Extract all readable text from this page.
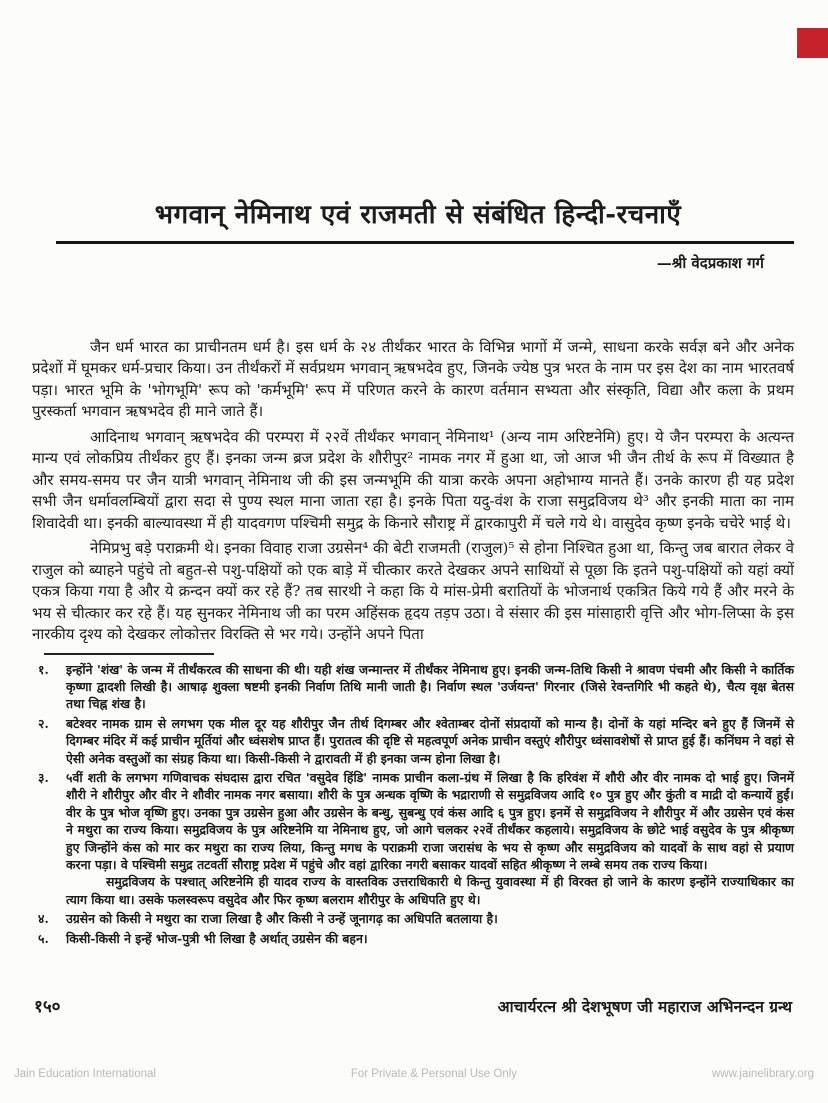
भगवान् नेमिनाथ एवं राजमती से संबंधित हिन्दी-रचनाएँ
—श्री वेदप्रकाश गर्ग

जैन धर्म भारत का प्राचीनतम धर्म है। इस धर्म के २४ तीर्थंकर भारत के विभिन्न भागों में जन्मे, साधना करके सर्वज्ञ बने और अनेक प्रदेशों में घूमकर धर्म-प्रचार किया। उन तीर्थंकरों में सर्वप्रथम भगवान् ऋषभदेव हुए, जिनके ज्येष्ठ पुत्र भरत के नाम पर इस देश का नाम भारतवर्ष पड़ा। भारत भूमि के 'भोगभूमि' रूप को 'कर्मभूमि' रूप में परिणत करने के कारण वर्तमान सभ्यता और संस्कृति, विद्या और कला के प्रथम पुरस्कर्ता भगवान ऋषभदेव ही माने जाते हैं।

आदिनाथ भगवान् ऋषभदेव की परम्परा में २२वें तीर्थंकर भगवान् नेमिनाथ¹ (अन्य नाम अरिष्टनेमि) हुए। ये जैन परम्परा के अत्यन्त मान्य एवं लोकप्रिय तीर्थंकर हुए हैं। इनका जन्म ब्रज प्रदेश के शौरीपुर² नामक नगर में हुआ था, जो आज भी जैन तीर्थ के रूप में विख्यात है और समय-समय पर जैन यात्री भगवान् नेमिनाथ जी की इस जन्मभूमि की यात्रा करके अपना अहोभाग्य मानते हैं। उनके कारण ही यह प्रदेश सभी जैन धर्मावलम्बियों द्वारा सदा से पुण्य स्थल माना जाता रहा है। इनके पिता यदु-वंश के राजा समुद्रविजय थे³ और इनकी माता का नाम शिवादेवी था। इनकी बाल्यावस्था में ही यादवगण पश्चिमी समुद्र के किनारे सौराष्ट्र में द्वारकापुरी में चले गये थे। वासुदेव कृष्ण इनके चचेरे भाई थे।

नेमिप्रभु बड़े पराक्रमी थे। इनका विवाह राजा उग्रसेन⁴ की बेटी राजमती (राजुल)⁵ से होना निश्चित हुआ था, किन्तु जब बारात लेकर वे राजुल को ब्याहने पहुंचे तो बहुत-से पशु-पक्षियों को एक बाड़े में चीत्कार करते देखकर अपने साथियों से पूछा कि इतने पशु-पक्षियों को यहां क्यों एकत्र किया गया है और ये क्रन्दन क्यों कर रहे हैं? तब सारथी ने कहा कि ये मांस-प्रेमी बरातियों के भोजनार्थ एकत्रित किये गये हैं और मरने के भय से चीत्कार कर रहे हैं। यह सुनकर नेमिनाथ जी का परम अहिंसक हृदय तड़प उठा। वे संसार की इस मांसाहारी वृत्ति और भोग-लिप्सा के इस नारकीय दृश्य को देखकर लोकोत्तर विरक्ति से भर गये। उन्होंने अपने पिता

१.	इन्होंने 'शंख' के जन्म में तीर्थंकरत्व की साधना की थी। यही शंख जन्मान्तर में तीर्थंकर नेमिनाथ हुए। इनकी जन्म-तिथि किसी ने श्रावण पंचमी और किसी ने कार्तिक कृष्णा द्वादशी लिखी है। आषाढ़ शुक्ला षष्टमी इनकी निर्वाण तिथि मानी जाती है। निर्वाण स्थल 'उर्जयन्त' गिरनार (जिसे रेवन्तगिरि भी कहते थे), चैत्य वृक्ष बेतस तथा चिह्न शंख है।
२.	बटेश्वर नामक ग्राम से लगभग एक मील दूर यह शौरीपुर जैन तीर्थ दिगम्बर और श्वेताम्बर दोनों संप्रदायों को मान्य है। दोनों के यहां मन्दिर बने हुए हैं जिनमें से दिगम्बर मंदिर में कई प्राचीन मूर्तियां और ध्वंसशेष प्राप्त हैं। पुरातत्व की दृष्टि से महत्वपूर्ण अनेक प्राचीन वस्तुएं शौरीपुर ध्वंसावशेषों से प्राप्त हुई हैं। कनिंघम ने वहां से ऐसी अनेक वस्तुओं का संग्रह किया था। किसी-किसी ने द्वारावती में ही इनका जन्म होना लिखा है।
३.	५वीं शती के लगभग गणिवाचक संघदास द्वारा रचित 'वसुदेव हिंडि' नामक प्राचीन कला-ग्रंथ में लिखा है कि हरिवंश में शौरी और वीर नामक दो भाई हुए। जिनमें शौरी ने शौरीपुर और वीर ने शौवीर नामक नगर बसाया। शौरी के पुत्र अन्धक वृष्णि के भद्राराणी से समुद्रविजय आदि १० पुत्र हुए और कुंती व माद्री दो कन्यायें हुईं। वीर के पुत्र भोज वृष्णि हुए। उनका पुत्र उग्रसेन हुआ और उग्रसेन के बन्धु, सुबन्धु एवं कंस आदि ६ पुत्र हुए। इनमें से समुद्रविजय ने शौरीपुर में और उग्रसेन एवं कंस ने मथुरा का राज्य किया। समुद्रविजय के पुत्र अरिष्टनेमि या नेमिनाथ हुए, जो आगे चलकर २२वें तीर्थंकर कहलाये। समुद्रविजय के छोटे भाई वसुदेव के पुत्र श्रीकृष्ण हुए जिन्होंने कंस को मार कर मथुरा का राज्य लिया, किन्तु मगध के पराक्रमी राजा जरासंध के भय से कृष्ण और समुद्रविजय को यादवों के साथ वहां से प्रयाण करना पड़ा। वे पश्चिमी समुद्र तटवर्ती सौराष्ट्र प्रदेश में पहुंचे और वहां द्वारिका नगरी बसाकर यादवों सहित श्रीकृष्ण ने लम्बे समय तक राज्य किया।
समुद्रविजय के पश्चात् अरिष्टनेमि ही यादव राज्य के वास्तविक उत्तराधिकारी थे किन्तु युवावस्था में ही विरक्त हो जाने के कारण इन्होंने राज्याधिकार का त्याग किया था। उसके फलस्वरूप वसुदेव और फिर कृष्ण बलराम शौरीपुर के अधिपति हुए थे।
४.	उग्रसेन को किसी ने मथुरा का राजा लिखा है और किसी ने उन्हें जूनागढ़ का अधिपति बतलाया है।
५.	किसी-किसी ने इन्हें भोज-पुत्री भी लिखा है अर्थात् उग्रसेन की बहन।
१५०	आचार्यरत्न श्री देशभूषण जी महाराज अभिनन्दन ग्रन्थ
Jain Education International	For Private & Personal Use Only	www.jainelibrary.org
